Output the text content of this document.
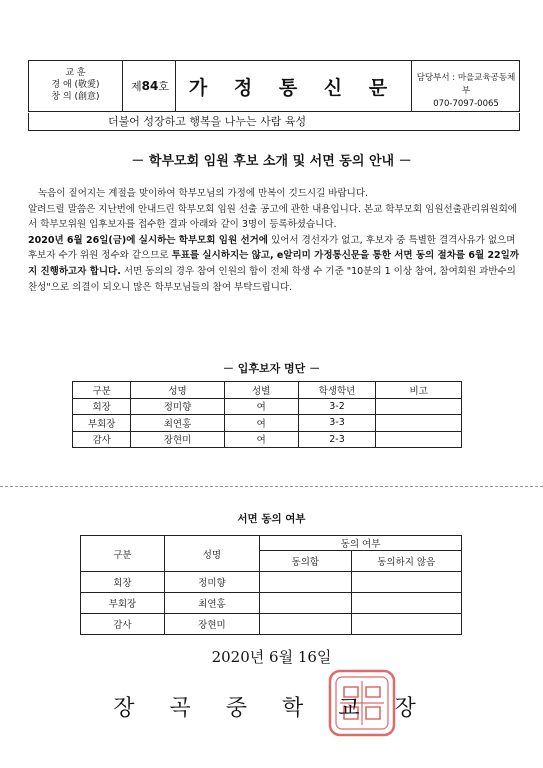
교 훈
경 애 (敬愛)
창 의 (創意)
제 84 호	가 정 통 신 문	담당부서 : 마을교육공동체부
070-7097-0065
더불어 성장하고 행복을 나누는 사람 육성
－ 학부모회 임원 후보 소개 및 서면 동의 안내 －

녹음이 짙어지는 계절을 맞이하여 학부모님의 가정에 만복이 깃드시길 바랍니다.

알려드릴 말씀은 지난번에 안내드린 학부모회 임원 선출 공고에 관한 내용입니다. 본교 학부모회 임원선출관리위원회에서 학부모위원 입후보자를 접수한 결과 아래와 같이 3명이 등록하셨습니다.

2020년 6월 26일(금)에 실시하는 학부모회 임원 선거에 있어서 경선자가 없고, 후보자 중 특별한 결격사유가 없으며 후보자 수가 위원 정수와 같으므로 투표를 실시하지는 않고, e알리미 가정통신문을 통한 서면 동의 절차를 6월 22일까지 진행하고자 합니다. 서면 동의의 경우 참여 인원의 합이 전체 학생 수 기준 "10분의 1 이상 참여, 참여회원 과반수의 찬성"으로 의결이 되오니 많은 학부모님들의 참여 부탁드립니다.

－ 입후보자 명단 －
구분	성명	성별	학생학년	비고
회장	정미향	여	3-2	
부회장	최연홍	여	3-3	
감사	장현미	여	2-3	
서면 동의 여부
구분	성명	동의 여부	
		동의함	동의하지 않음
회장	정미향		
부회장	최연홍		
감사	장현미		
2020년 6월 16일
장 곡 중 학 교 장
